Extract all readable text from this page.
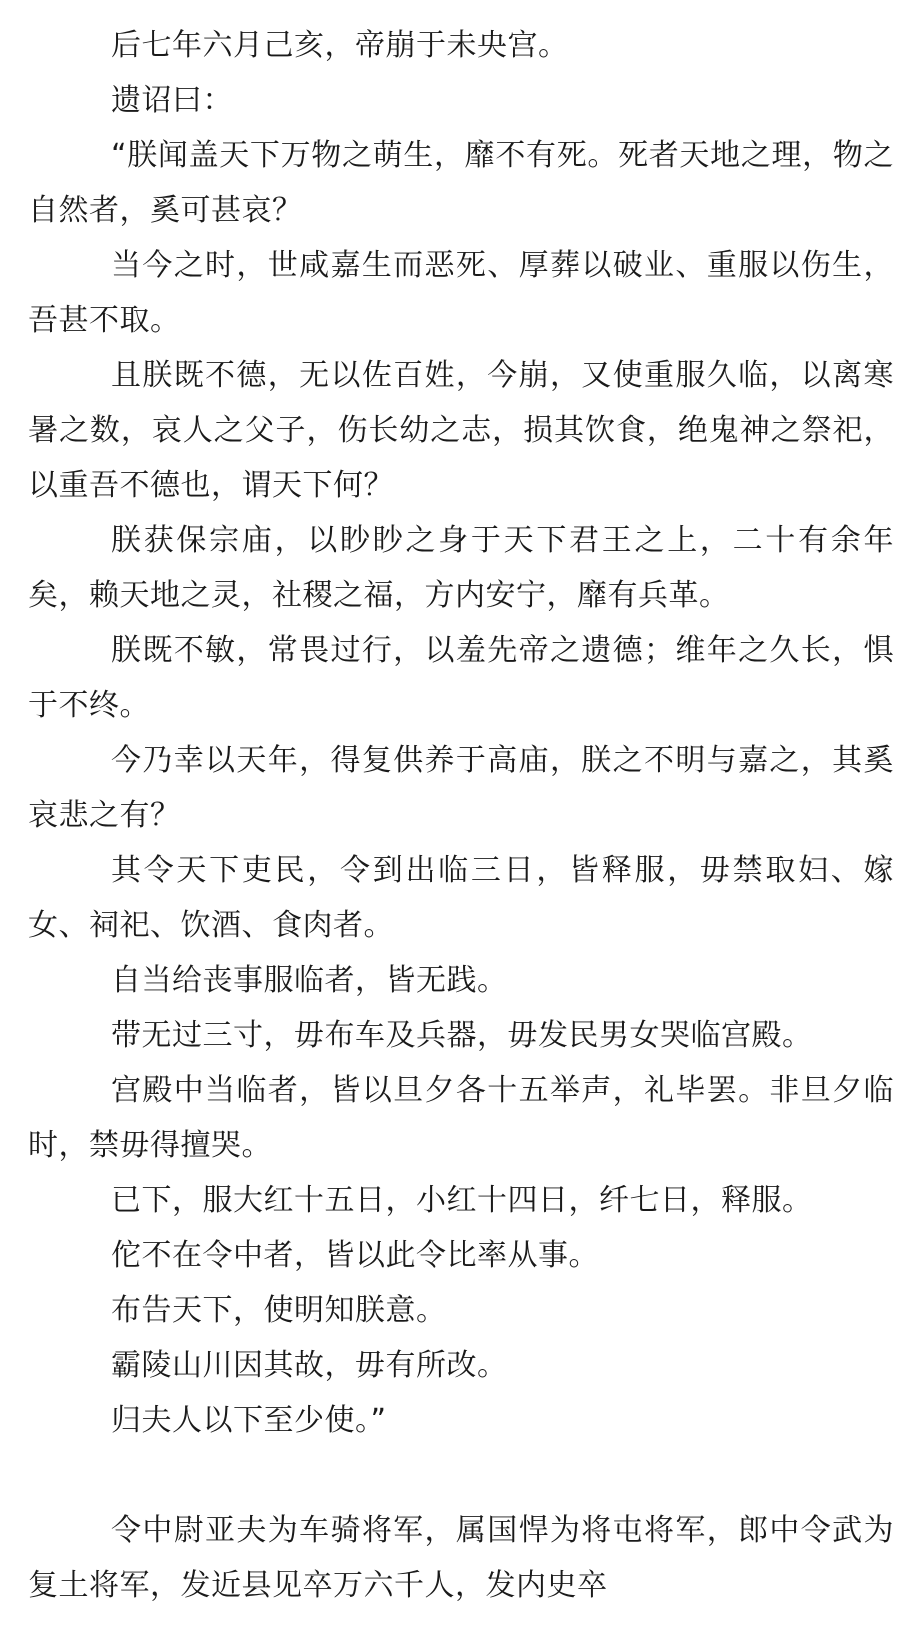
后七年六月己亥，帝崩于未央宫。

遗诏曰：

“朕闻盖天下万物之萌生，靡不有死。死者天地之理，物之自然者，奚可甚哀？

当今之时，世咸嘉生而恶死、厚葬以破业、重服以伤生，吾甚不取。

且朕既不德，无以佐百姓，今崩，又使重服久临，以离寒暑之数，哀人之父子，伤长幼之志，损其饮食，绝鬼神之祭祀，以重吾不德也，谓天下何？

朕获保宗庙，以眇眇之身于天下君王之上，二十有余年矣，赖天地之灵，社稷之福，方内安宁，靡有兵革。

朕既不敏，常畏过行，以羞先帝之遗德；维年之久长，惧于不终。

今乃幸以天年，得复供养于高庙，朕之不明与嘉之，其奚哀悲之有？

其令天下吏民，令到出临三日，皆释服，毋禁取妇、嫁女、祠祀、饮酒、食肉者。

自当给丧事服临者，皆无践。

带无过三寸，毋布车及兵器，毋发民男女哭临宫殿。

宫殿中当临者，皆以旦夕各十五举声，礼毕罢。非旦夕临时，禁毋得擅哭。

已下，服大红十五日，小红十四日，纤七日，释服。

佗不在令中者，皆以此令比率从事。

布告天下，使明知朕意。

霸陵山川因其故，毋有所改。

归夫人以下至少使。”

令中尉亚夫为车骑将军，属国悍为将屯将军，郎中令武为复土将军，发近县见卒万六千人，发内史卒
